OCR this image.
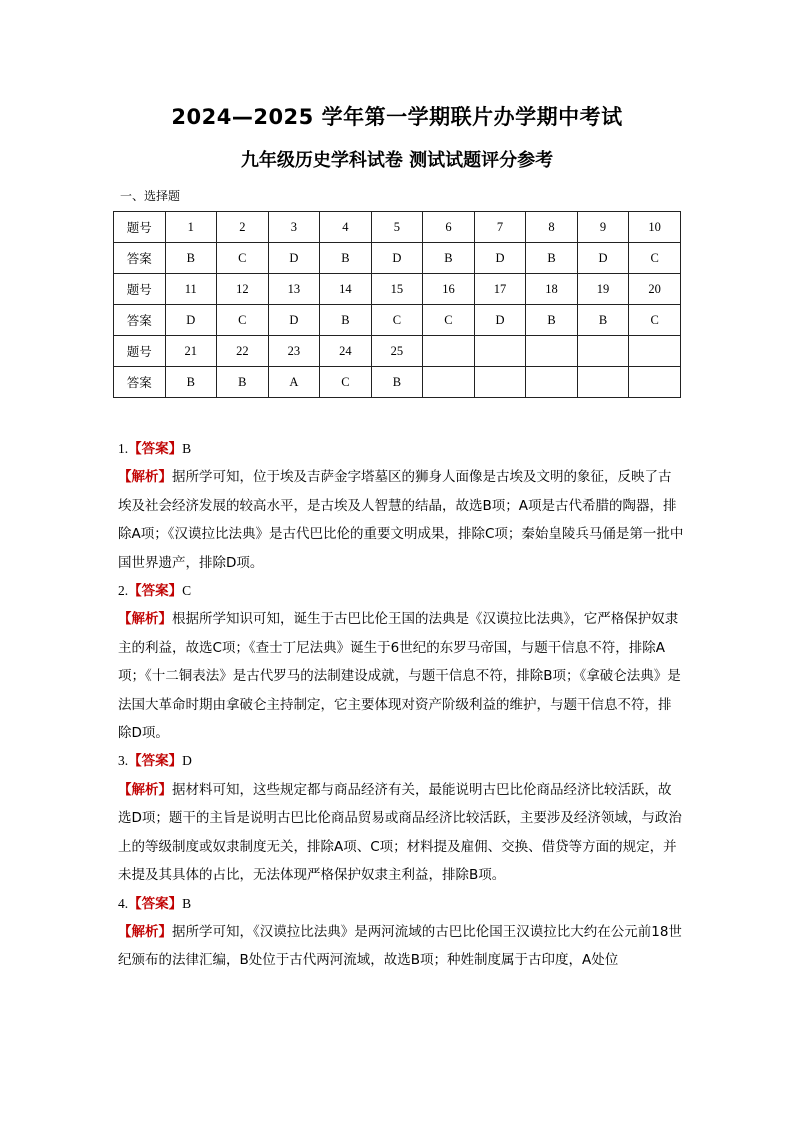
2024—2025 学年第一学期联片办学期中考试
九年级历史学科试卷 测试试题评分参考
一、选择题
题号	1	2	3	4	5	6	7	8	9	10
答案	B	C	D	B	D	B	D	B	D	C
题号	11	12	13	14	15	16	17	18	19	20
答案	D	C	D	B	C	C	D	B	B	C
题号	21	22	23	24	25					
答案	B	B	A	C	B					

1.【答案】B

【解析】据所学可知，位于埃及吉萨金字塔墓区的狮身人面像是古埃及文明的象征，反映了古埃及社会经济发展的较高水平，是古埃及人智慧的结晶，故选B项；A项是古代希腊的陶器，排除A项；《汉谟拉比法典》是古代巴比伦的重要文明成果，排除C项；秦始皇陵兵马俑是第一批中国世界遗产，排除D项。

2.【答案】C

【解析】根据所学知识可知，诞生于古巴比伦王国的法典是《汉谟拉比法典》，它严格保护奴隶主的利益，故选C项；《查士丁尼法典》诞生于6世纪的东罗马帝国，与题干信息不符，排除A项；《十二铜表法》是古代罗马的法制建设成就，与题干信息不符，排除B项；《拿破仑法典》是法国大革命时期由拿破仑主持制定，它主要体现对资产阶级利益的维护，与题干信息不符，排除D项。

3.【答案】D

【解析】据材料可知，这些规定都与商品经济有关，最能说明古巴比伦商品经济比较活跃，故选D项；题干的主旨是说明古巴比伦商品贸易或商品经济比较活跃，主要涉及经济领域，与政治上的等级制度或奴隶制度无关，排除A项、C项；材料提及雇佣、交换、借贷等方面的规定，并未提及其具体的占比，无法体现严格保护奴隶主利益，排除B项。

4.【答案】B

【解析】据所学可知，《汉谟拉比法典》是两河流域的古巴比伦国王汉谟拉比大约在公元前18世纪颁布的法律汇编，B处位于古代两河流域，故选B项；种姓制度属于古印度，A处位
